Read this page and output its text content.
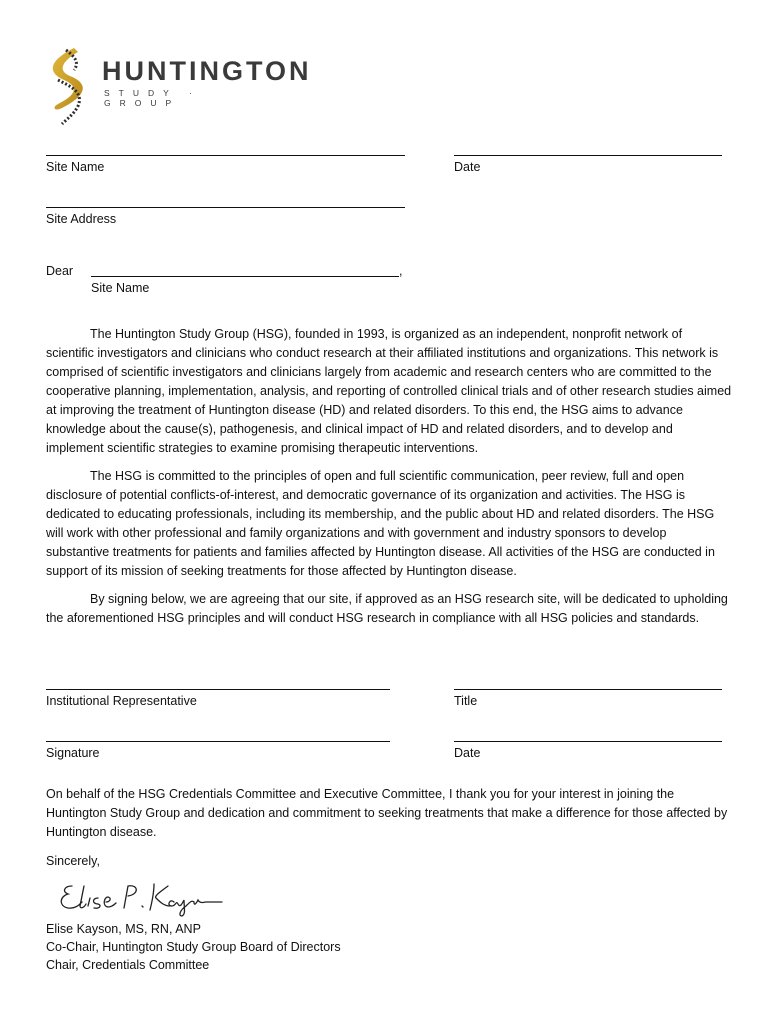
HUNTINGTON
STUDY · GROUP
Site Name	Date
Site Address
Dear	,
Site Name

The Huntington Study Group (HSG), founded in 1993, is organized as an independent, nonprofit network of scientific investigators and clinicians who conduct research at their affiliated institutions and organizations. This network is comprised of scientific investigators and clinicians largely from academic and research centers who are committed to the cooperative planning, implementation, analysis, and reporting of controlled clinical trials and of other research studies aimed at improving the treatment of Huntington disease (HD) and related disorders. To this end, the HSG aims to advance knowledge about the cause(s), pathogenesis, and clinical impact of HD and related disorders, and to develop and implement scientific strategies to examine promising therapeutic interventions.

The HSG is committed to the principles of open and full scientific communication, peer review, full and open disclosure of potential conflicts-of-interest, and democratic governance of its organization and activities. The HSG is dedicated to educating professionals, including its membership, and the public about HD and related disorders. The HSG will work with other professional and family organizations and with government and industry sponsors to develop substantive treatments for patients and families affected by Huntington disease. All activities of the HSG are conducted in support of its mission of seeking treatments for those affected by Huntington disease.

By signing below, we are agreeing that our site, if approved as an HSG research site, will be dedicated to upholding the aforementioned HSG principles and will conduct HSG research in compliance with all HSG policies and standards.

Institutional Representative	Title
Signature	Date

On behalf of the HSG Credentials Committee and Executive Committee, I thank you for your interest in joining the Huntington Study Group and dedication and commitment to seeking treatments that make a difference for those affected by Huntington disease.

Sincerely,
Elise Kayson, MS, RN, ANP
Co-Chair, Huntington Study Group Board of Directors
Chair, Credentials Committee
